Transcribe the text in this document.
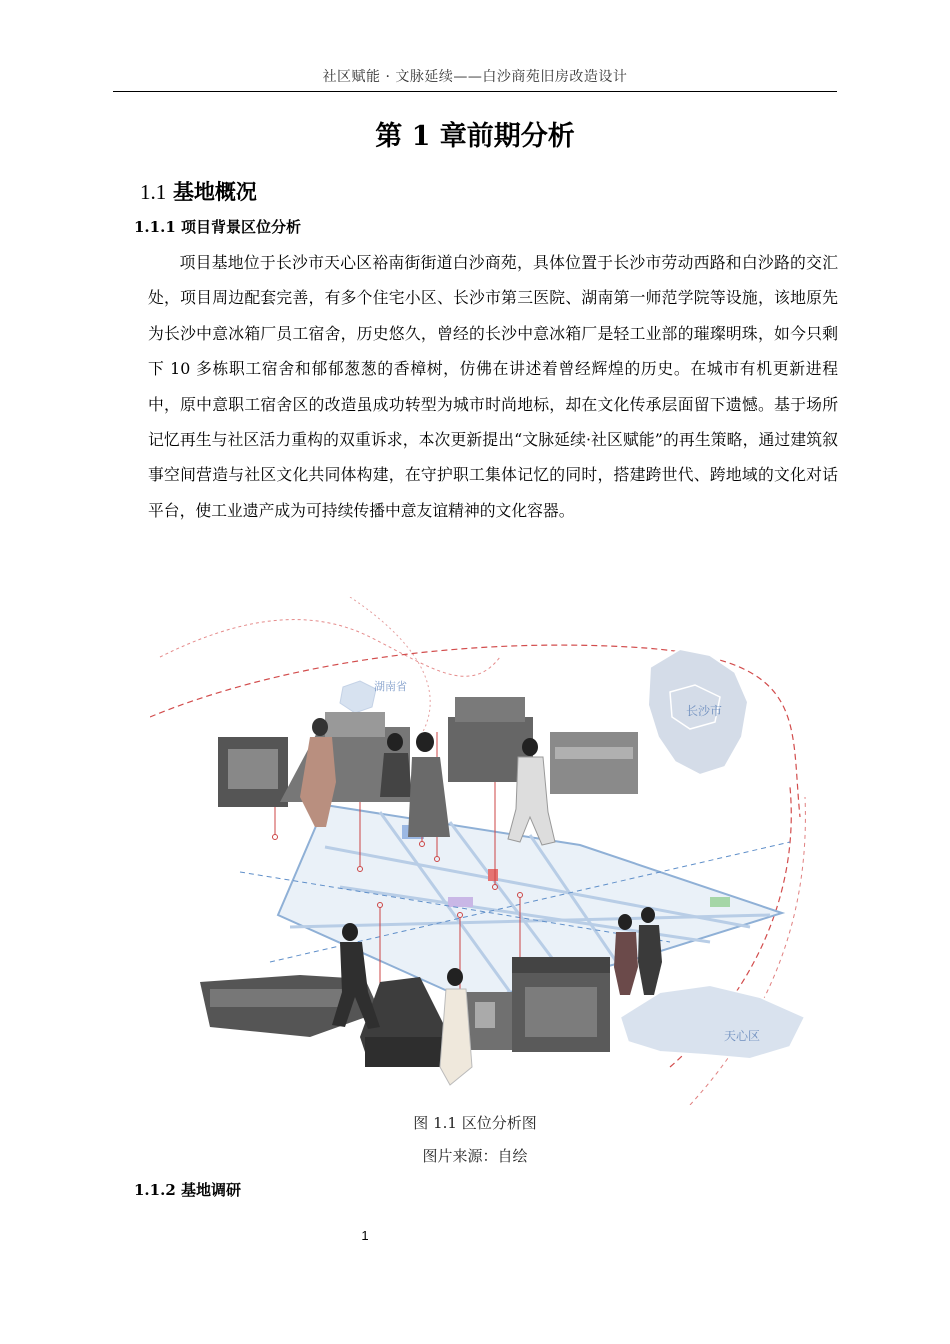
社区赋能 · 文脉延续——白沙商苑旧房改造设计
第 1 章前期分析
1.1 基地概况
1.1.1 项目背景区位分析

项目基地位于长沙市天心区裕南街街道白沙商苑，具体位置于长沙市劳动西路和白沙路的交汇处，项目周边配套完善，有多个住宅小区、长沙市第三医院、湖南第一师范学院等设施，该地原先为长沙中意冰箱厂员工宿舍，历史悠久，曾经的长沙中意冰箱厂是轻工业部的璀璨明珠，如今只剩下 10 多栋职工宿舍和郁郁葱葱的香樟树，仿佛在讲述着曾经辉煌的历史。在城市有机更新进程中，原中意职工宿舍区的改造虽成功转型为城市时尚地标，却在文化传承层面留下遗憾。基于场所记忆再生与社区活力重构的双重诉求，本次更新提出“文脉延续·社区赋能”的再生策略，通过建筑叙事空间营造与社区文化共同体构建，在守护职工集体记忆的同时，搭建跨世代、跨地域的文化对话平台，使工业遗产成为可持续传播中意友谊精神的文化容器。

湖南省
长沙市
天心区
图 1.1 区位分析图
图片来源：自绘
1.1.2 基地调研
1
